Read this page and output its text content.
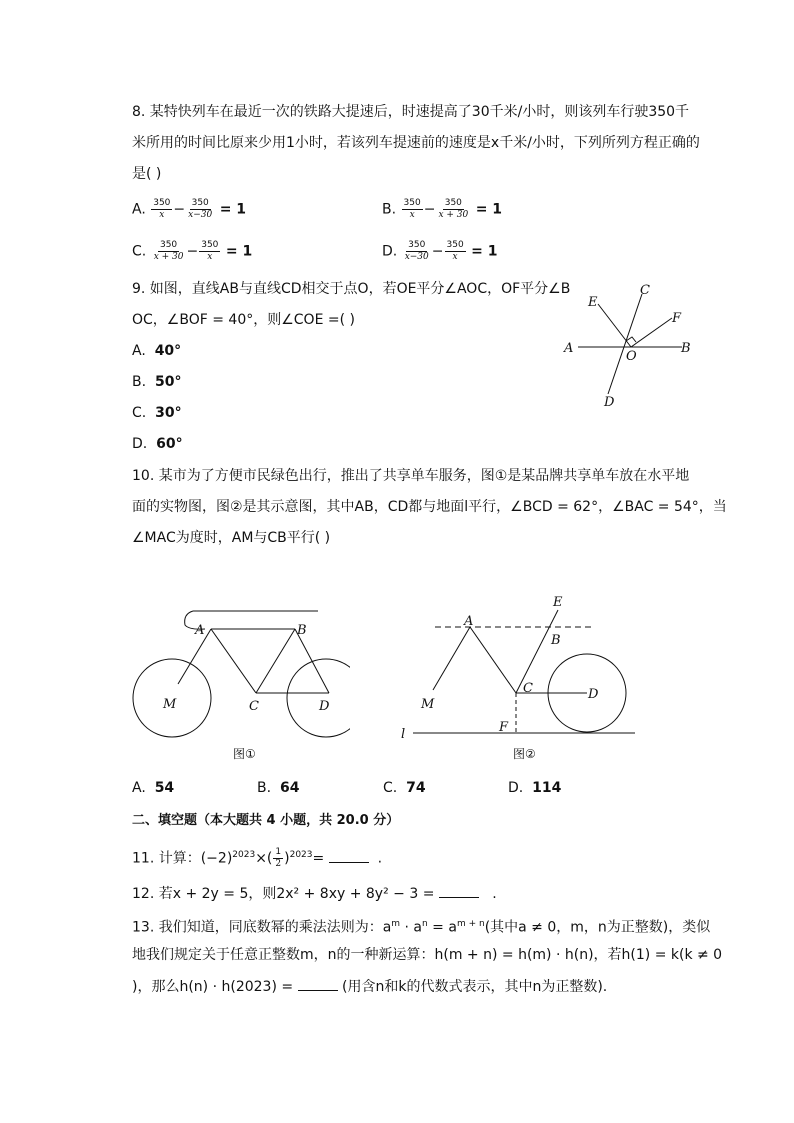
8. 某特快列车在最近一次的铁路大提速后，时速提高了30千米/小时，则该列车行驶350千
米所用的时间比原来少用1小时，若该列车提速前的速度是x千米/小时，下列所列方程正确的
是( )
A. $\frac{350}{x} - \frac{350}{x-30} = 1$	B. $\frac{350}{x} - \frac{350}{x + 30} = 1$
C. $\frac{350}{x + 30} - \frac{350}{x} = 1$	D. $\frac{350}{x-30} - \frac{350}{x} = 1$
9. 如图，直线AB与直线CD相交于点O，若OE平分∠AOC，OF平分∠B
OC，∠BOF = 40°，则∠COE =( )
A. 40°
B. 50°
C. 30°
D. 60°
E
C
F
A
O
B
D
10. 某市为了方便市民绿色出行，推出了共享单车服务，图①是某品牌共享单车放在水平地
面的实物图，图②是其示意图，其中AB，CD都与地面l平行，∠BCD = 62°，∠BAC = 54°，当
∠MAC为度时，AM与CB平行( )
A	B
M	C	D
图①
E
A
B
C	D
M
F
l
图②
A. 54	B. 64	C. 74	D. 114
二、填空题（本大题共 4 小题，共 20.0 分）
11. 计算：$(-2)^{2023}\times( \frac{1}{2} )^{2023}=$	.
12. 若x + 2y = 5，则2x² + 8xy + 8y² − 3 =	.
13. 我们知道，同底数幂的乘法法则为：$a^m \cdot a^n = a^{m + n}$(其中a ≠ 0，m，n为正整数)，类似
地我们规定关于任意正整数m，n的一种新运算：h(m + n) = h(m) · h(n)，若h(1) = k(k ≠ 0
)，那么h(n) · h(2023) =	(用含n和k的代数式表示，其中n为正整数).
